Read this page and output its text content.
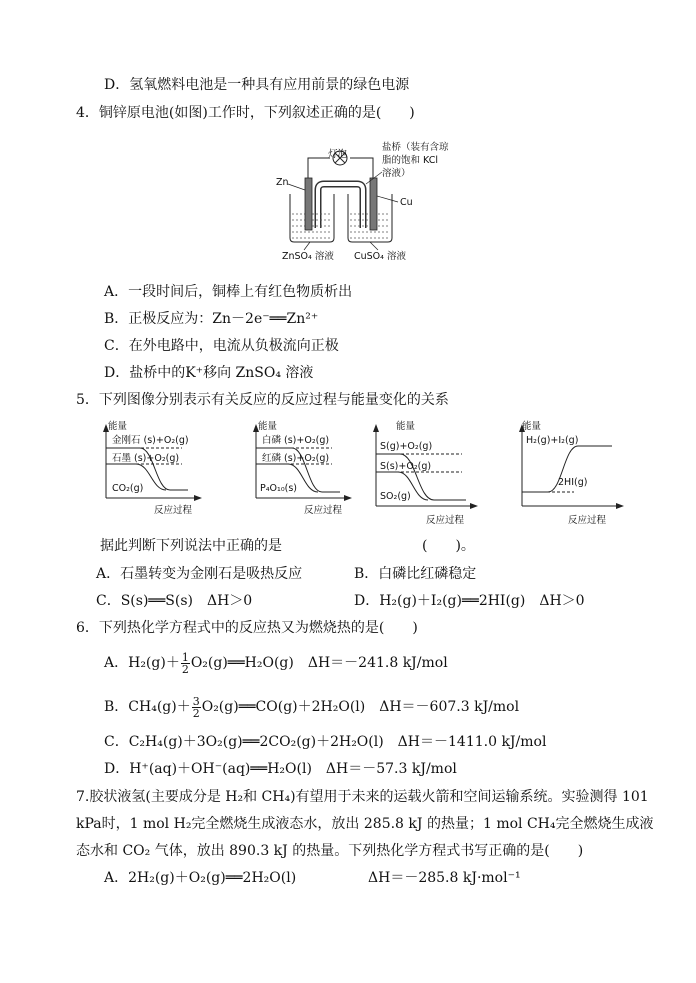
D．氢氧燃料电池是一种具有应用前景的绿色电源
4．铜锌原电池(如图)工作时，下列叙述正确的是(　　)
灯泡
盐桥（装有含琼
脂的饱和 KCl
溶液）
Zn
Cu
ZnSO₄ 溶液 CuSO₄ 溶液
A．一段时间后，铜棒上有红色物质析出
B．正极反应为：Zn－2e⁻══Zn²⁺
C．在外电路中，电流从负极流向正极
D．盐桥中的K⁺移向 ZnSO₄ 溶液
5．下列图像分别表示有关反应的反应过程与能量变化的关系
能量
金刚石 (s)+O₂(g)
石墨 (s)+O₂(g)
CO₂(g)
反应过程
能量
白磷 (s)+O₂(g)
红磷 (s)+O₂(g)
P₄O₁₀(s)
反应过程
能量
S(g)+O₂(g)
S(s)+O₂(g)
SO₂(g)
反应过程
能量
H₂(g)+I₂(g)
2HI(g)
反应过程
据此判断下列说法中正确的是　　　　　　　　　　(　　)。
A．石墨转变为金刚石是吸热反应	B．白磷比红磷稳定
C．S(s)══S(s)　ΔH＞0	D．H₂(g)＋I₂(g)══2HI(g)　ΔH＞0
6．下列热化学方程式中的反应热又为燃烧热的是(　　)
A．$H_2(g)+ \frac{1}{2}$ O₂(g)══H₂O(g)　ΔH＝－241.8 kJ/mol
B．$CH_4(g)+ \frac{3}{2}$ O₂(g)══CO(g)＋2H₂O(l)　ΔH＝－607.3 kJ/mol
C．C₂H₄(g)＋3O₂(g)══2CO₂(g)＋2H₂O(l)　ΔH＝－1411.0 kJ/mol
D．H⁺(aq)＋OH⁻(aq)══H₂O(l)　ΔH＝－57.3 kJ/mol
7.胶状液氢(主要成分是 H₂和 CH₄)有望用于未来的运载火箭和空间运输系统。实验测得 101
kPa时，1 mol H₂完全燃烧生成液态水，放出 285.8 kJ 的热量；1 mol CH₄完全燃烧生成液
态水和 CO₂ 气体，放出 890.3 kJ 的热量。下列热化学方程式书写正确的是(　　)
A．2H₂(g)＋O₂(g)══2H₂O(l)	ΔH＝－285.8 kJ·mol⁻¹
